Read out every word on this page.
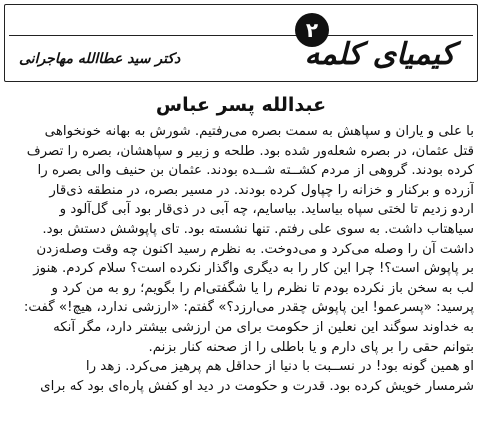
۲
کیمیای کلمه
دکتر سید عطاالله مهاجرانی
عبدالله پسر عباس

با علی و یاران و سپاهش به سمت بصره می‌رفتیم. شورش به بهانه خونخواهی
قتل عثمان، در بصره شعله‌ور شده بود. طلحه و زبیر و سپاهشان، بصره را تصرف
کرده بودند. گروهی از مردم کشــته شــده بودند. عثمان بن حنیف والی بصره را
آزرده و برکنار و خزانه را چپاول کرده بودند. در مسیر بصره، در منطقه ذی‌قار
اردو زدیم تا لختی سپاه بیاساید. بیاسایم، چه آبی در ذی‌قار بود آبی گل‌آلود و
سیاهتاب داشت. به سوی علی رفتم. تنها نشسته بود. تای پاپوشش دستش بود.
داشت آن را وصله می‌کرد و می‌دوخت. به نظرم رسید اکنون چه وقت وصله‌زدن
بر پاپوش است؟! چرا این کار را به دیگری واگذار نکرده است؟ سلام کردم. هنوز
لب به سخن باز نکرده بودم تا نظرم را یا شگفتی‌ام را بگویم؛ رو به من کرد و
پرسید: «پسرعمو! این پاپوش چقدر می‌ارزد؟» گفتم: «ارزشی ندارد، هیچ!» گفت:
به خداوند سوگند این نعلین از حکومت برای من ارزشی بیشتر دارد، مگر آنکه
بتوانم حقی را بر پای دارم و یا باطلی را از صحنه کنار بزنم.
او همین گونه بود! در نســبت با دنیا از حداقل هم پرهیز می‌کرد. زهد را
شرمسار خویش کرده بود. قدرت و حکومت در دید او کفش پاره‌ای بود که برای
